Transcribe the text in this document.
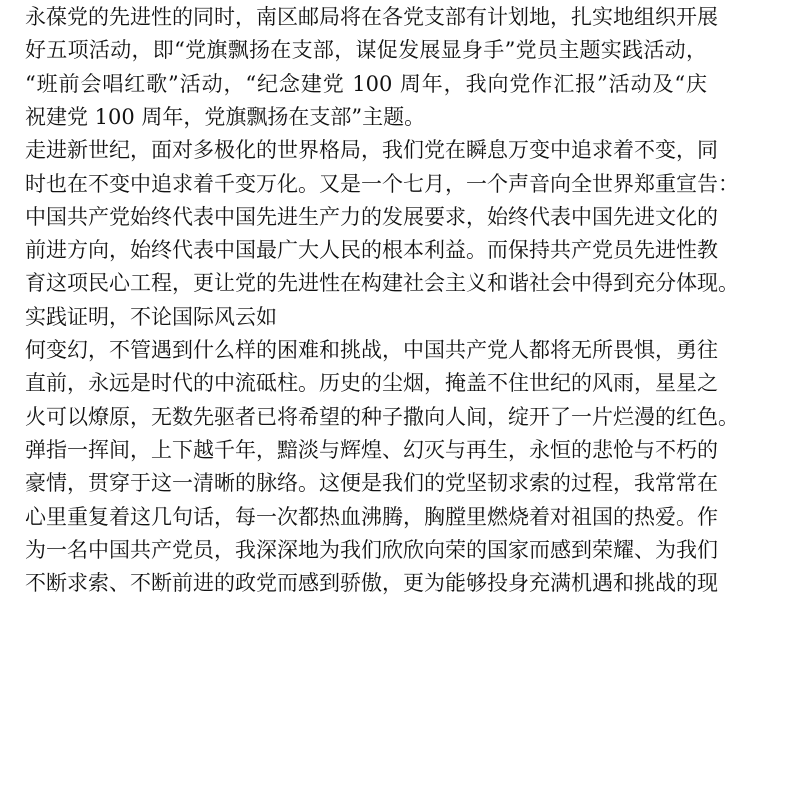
永葆党的先进性的同时，南区邮局将在各党支部有计划地，扎实地组织开展
好五项活动，即“党旗飘扬在支部，谋促发展显身手”党员主题实践活动，
“班前会唱红歌”活动，“纪念建党 100 周年，我向党作汇报”活动及“庆
祝建党 100 周年，党旗飘扬在支部”主题。
走进新世纪，面对多极化的世界格局，我们党在瞬息万变中追求着不变，同
时也在不变中追求着千变万化。又是一个七月，一个声音向全世界郑重宣告：
中国共产党始终代表中国先进生产力的发展要求，始终代表中国先进文化的
前进方向，始终代表中国最广大人民的根本利益。而保持共产党员先进性教
育这项民心工程，更让党的先进性在构建社会主义和谐社会中得到充分体现。
实践证明，不论国际风云如
何变幻，不管遇到什么样的困难和挑战，中国共产党人都将无所畏惧，勇往
直前，永远是时代的中流砥柱。历史的尘烟，掩盖不住世纪的风雨，星星之
火可以燎原，无数先驱者已将希望的种子撒向人间，绽开了一片烂漫的红色。
弹指一挥间，上下越千年，黯淡与辉煌、幻灭与再生，永恒的悲怆与不朽的
豪情，贯穿于这一清晰的脉络。这便是我们的党坚韧求索的过程，我常常在
心里重复着这几句话，每一次都热血沸腾，胸膛里燃烧着对祖国的热爱。作
为一名中国共产党员，我深深地为我们欣欣向荣的国家而感到荣耀、为我们
不断求索、不断前进的政党而感到骄傲，更为能够投身充满机遇和挑战的现
